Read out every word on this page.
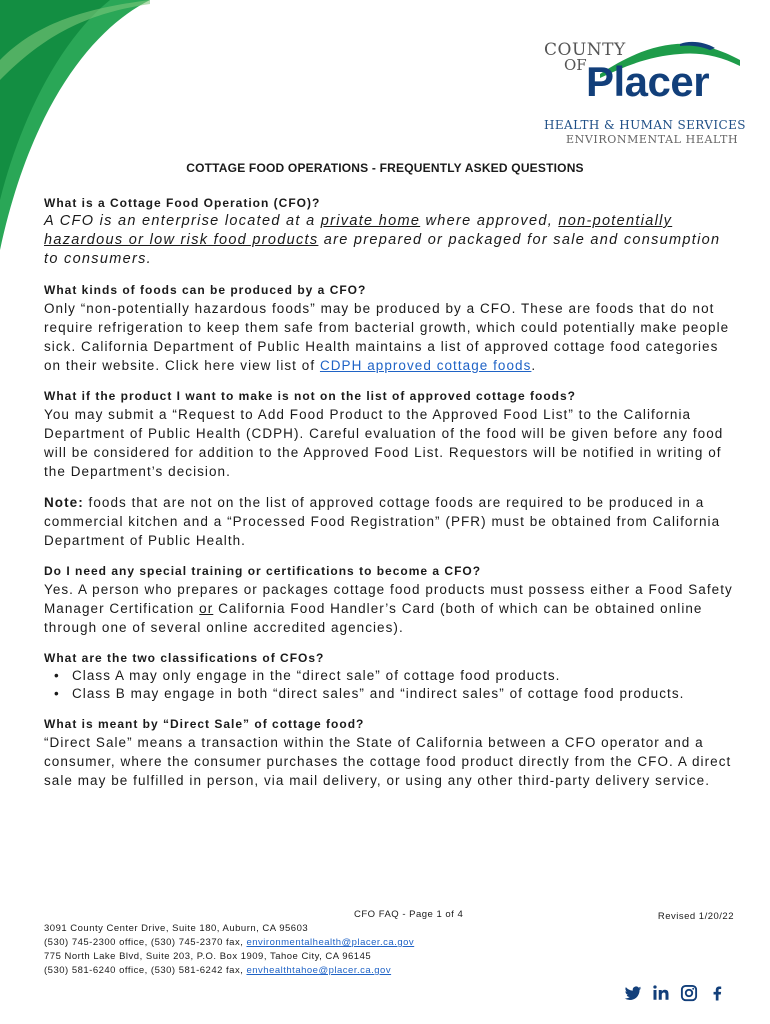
COUNTY
OF Placer
HEALTH & HUMAN SERVICES
ENVIRONMENTAL HEALTH
COTTAGE FOOD OPERATIONS - FREQUENTLY ASKED QUESTIONS

What is a Cottage Food Operation (CFO)?

A CFO is an enterprise located at a private home where approved, non-potentially hazardous or low risk food products are prepared or packaged for sale and consumption to consumers.

What kinds of foods can be produced by a CFO?

Only “non-potentially hazardous foods” may be produced by a CFO. These are foods that do not require refrigeration to keep them safe from bacterial growth, which could potentially make people sick. California Department of Public Health maintains a list of approved cottage food categories on their website. Click here view list of CDPH approved cottage foods.

What if the product I want to make is not on the list of approved cottage foods?

You may submit a “Request to Add Food Product to the Approved Food List” to the California Department of Public Health (CDPH). Careful evaluation of the food will be given before any food will be considered for addition to the Approved Food List. Requestors will be notified in writing of the Department’s decision.

Note: foods that are not on the list of approved cottage foods are required to be produced in a commercial kitchen and a “Processed Food Registration” (PFR) must be obtained from California Department of Public Health.

Do I need any special training or certifications to become a CFO?

Yes. A person who prepares or packages cottage food products must possess either a Food Safety Manager Certification or California Food Handler’s Card (both of which can be obtained online through one of several online accredited agencies).

What are the two classifications of CFOs?

• Class A may only engage in the “direct sale” of cottage food products.
• Class B may engage in both “direct sales” and “indirect sales” of cottage food products.

What is meant by “Direct Sale” of cottage food?

“Direct Sale” means a transaction within the State of California between a CFO operator and a consumer, where the consumer purchases the cottage food product directly from the CFO. A direct sale may be fulfilled in person, via mail delivery, or using any other third-party delivery service.

CFO FAQ - Page 1 of 4	Revised 1/20/22
3091 County Center Drive, Suite 180, Auburn, CA 95603
(530) 745-2300 office, (530) 745-2370 fax, environmentalhealth@placer.ca.gov
775 North Lake Blvd, Suite 203, P.O. Box 1909, Tahoe City, CA 96145
(530) 581-6240 office, (530) 581-6242 fax, envhealthtahoe@placer.ca.gov
